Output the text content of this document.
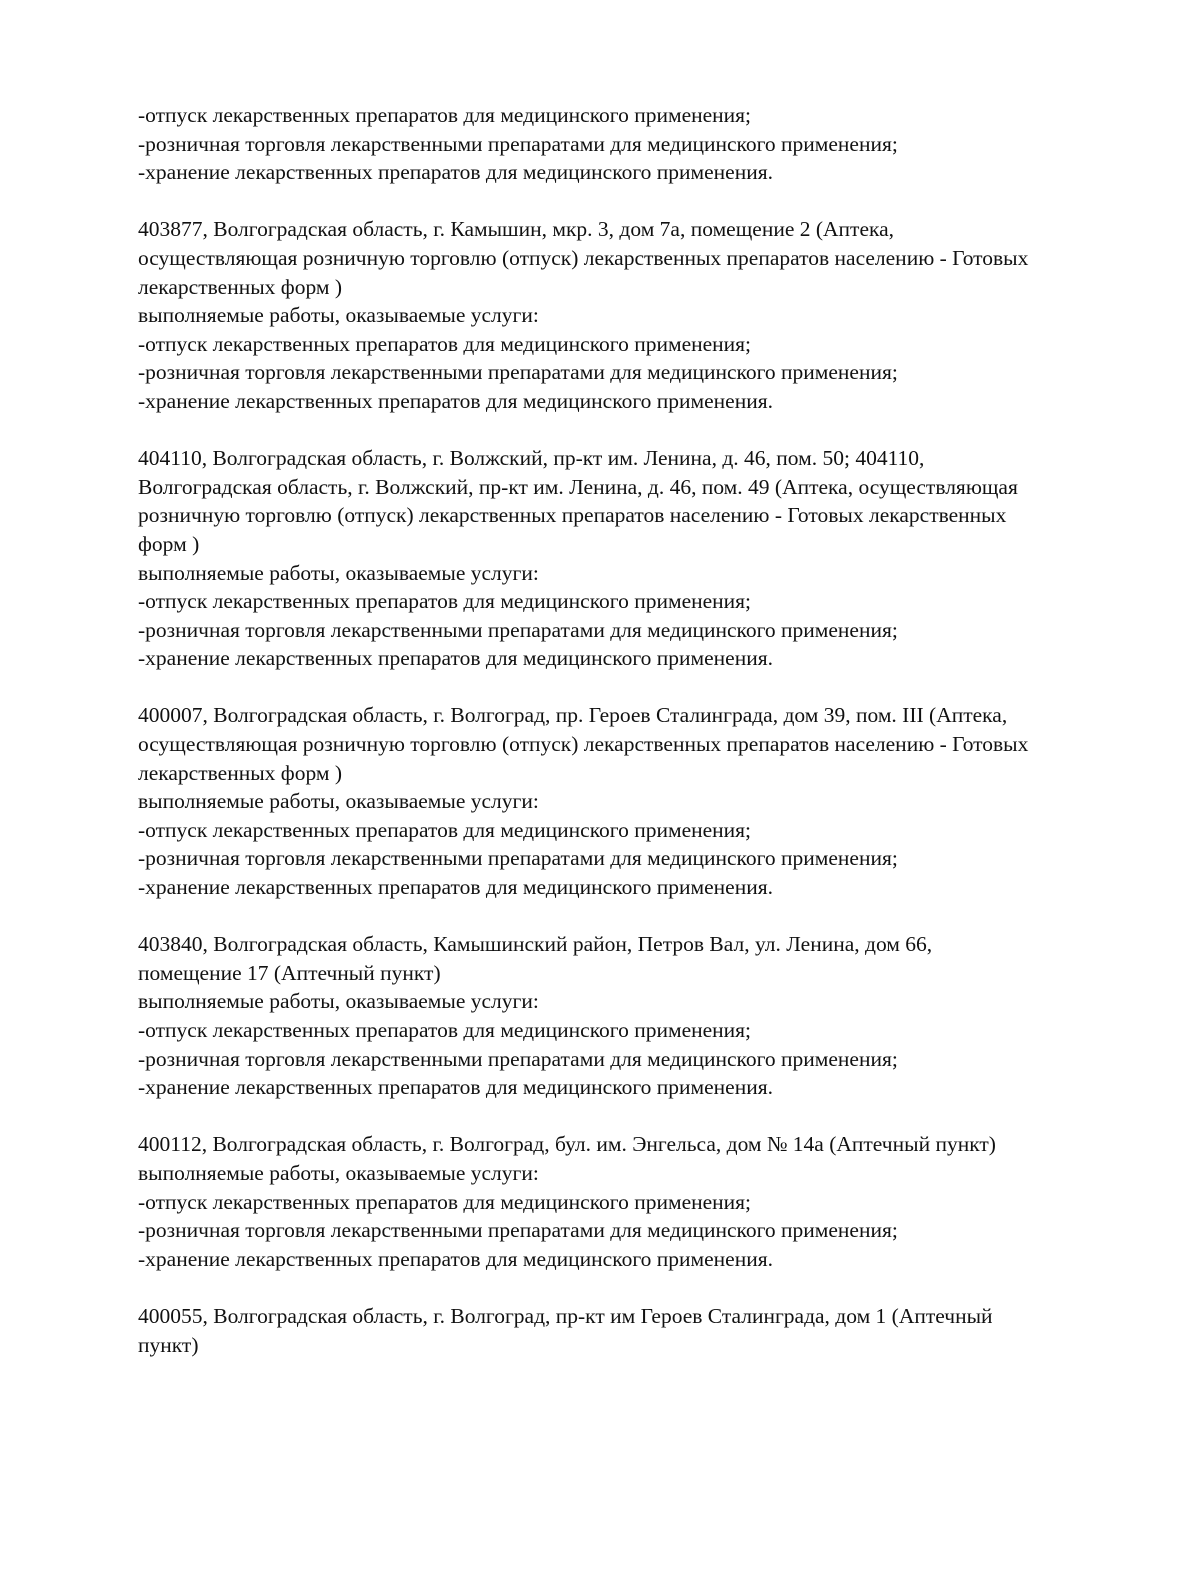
-отпуск лекарственных препаратов для медицинского применения;
-розничная торговля лекарственными препаратами для медицинского применения;
-хранение лекарственных препаратов для медицинского применения.
403877, Волгоградская область, г. Камышин, мкр. 3, дом 7а, помещение 2 (Аптека,
осуществляющая розничную торговлю (отпуск) лекарственных препаратов населению - Готовых
лекарственных форм )
выполняемые работы, оказываемые услуги:
-отпуск лекарственных препаратов для медицинского применения;
-розничная торговля лекарственными препаратами для медицинского применения;
-хранение лекарственных препаратов для медицинского применения.
404110, Волгоградская область, г. Волжский, пр-кт им. Ленина, д. 46, пом. 50; 404110,
Волгоградская область, г. Волжский, пр-кт им. Ленина, д. 46, пом. 49 (Аптека, осуществляющая
розничную торговлю (отпуск) лекарственных препаратов населению - Готовых лекарственных
форм )
выполняемые работы, оказываемые услуги:
-отпуск лекарственных препаратов для медицинского применения;
-розничная торговля лекарственными препаратами для медицинского применения;
-хранение лекарственных препаратов для медицинского применения.
400007, Волгоградская область, г. Волгоград, пр. Героев Сталинграда, дом 39, пом. III (Аптека,
осуществляющая розничную торговлю (отпуск) лекарственных препаратов населению - Готовых
лекарственных форм )
выполняемые работы, оказываемые услуги:
-отпуск лекарственных препаратов для медицинского применения;
-розничная торговля лекарственными препаратами для медицинского применения;
-хранение лекарственных препаратов для медицинского применения.
403840, Волгоградская область, Камышинский район, Петров Вал, ул. Ленина, дом 66,
помещение 17 (Аптечный пункт)
выполняемые работы, оказываемые услуги:
-отпуск лекарственных препаратов для медицинского применения;
-розничная торговля лекарственными препаратами для медицинского применения;
-хранение лекарственных препаратов для медицинского применения.
400112, Волгоградская область, г. Волгоград, бул. им. Энгельса, дом № 14а (Аптечный пункт)
выполняемые работы, оказываемые услуги:
-отпуск лекарственных препаратов для медицинского применения;
-розничная торговля лекарственными препаратами для медицинского применения;
-хранение лекарственных препаратов для медицинского применения.
400055, Волгоградская область, г. Волгоград, пр-кт им Героев Сталинграда, дом 1 (Аптечный
пункт)
